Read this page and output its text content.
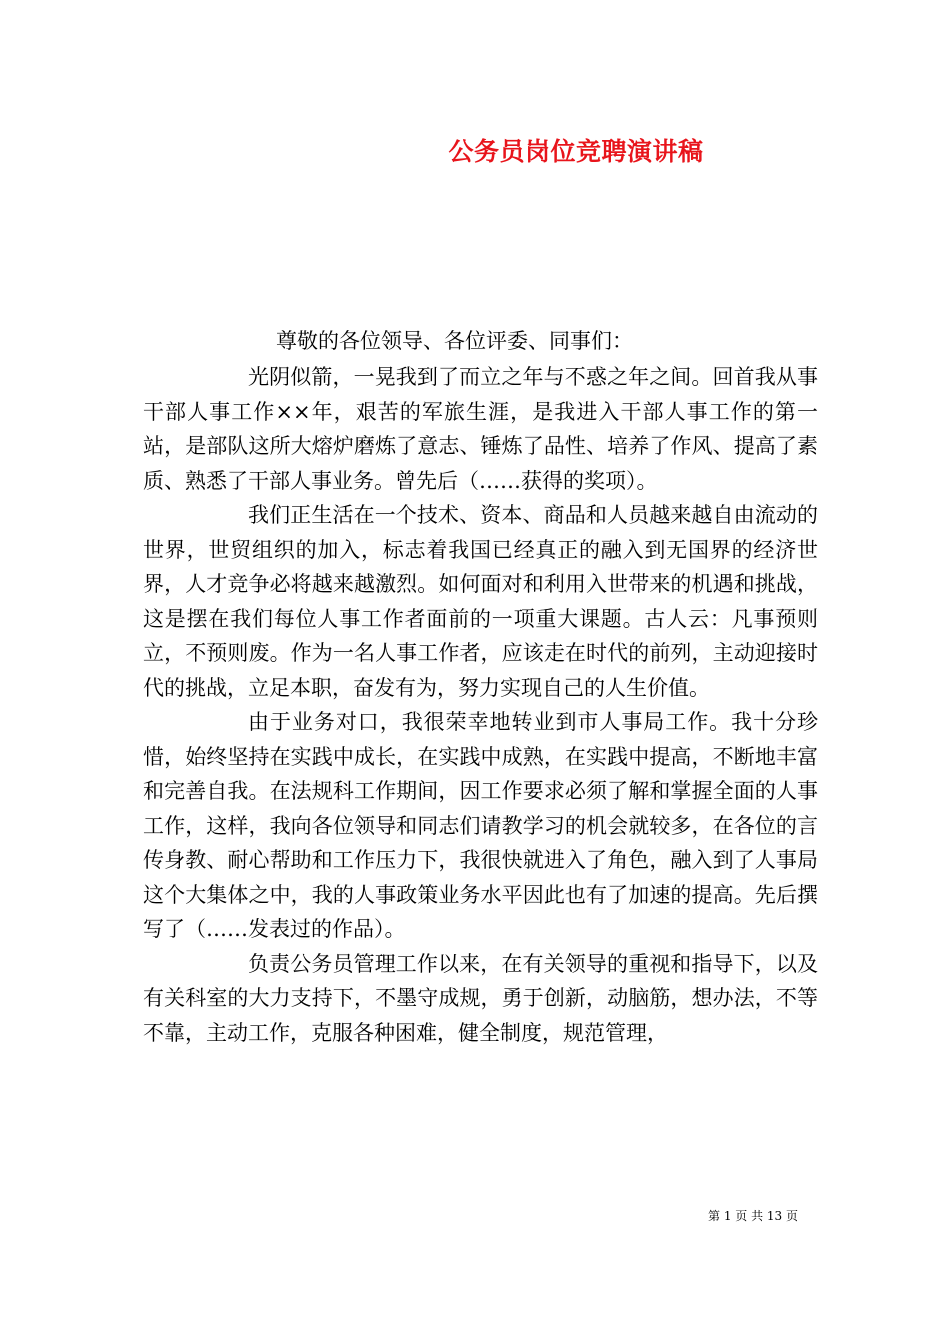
公务员岗位竞聘演讲稿

尊敬的各位领导、各位评委、同事们：

光阴似箭，一晃我到了而立之年与不惑之年之间。回首我从事干部人事工作××年，艰苦的军旅生涯，是我进入干部人事工作的第一站，是部队这所大熔炉磨炼了意志、锤炼了品性、培养了作风、提高了素质、熟悉了干部人事业务。曾先后（……获得的奖项）。

我们正生活在一个技术、资本、商品和人员越来越自由流动的世界，世贸组织的加入，标志着我国已经真正的融入到无国界的经济世界，人才竞争必将越来越激烈。如何面对和利用入世带来的机遇和挑战，这是摆在我们每位人事工作者面前的一项重大课题。古人云：凡事预则立，不预则废。作为一名人事工作者，应该走在时代的前列，主动迎接时代的挑战，立足本职，奋发有为，努力实现自己的人生价值。

由于业务对口，我很荣幸地转业到市人事局工作。我十分珍惜，始终坚持在实践中成长，在实践中成熟，在实践中提高，不断地丰富和完善自我。在法规科工作期间，因工作要求必须了解和掌握全面的人事工作，这样，我向各位领导和同志们请教学习的机会就较多，在各位的言传身教、耐心帮助和工作压力下，我很快就进入了角色，融入到了人事局这个大集体之中，我的人事政策业务水平因此也有了加速的提高。先后撰写了（……发表过的作品）。

负责公务员管理工作以来，在有关领导的重视和指导下，以及有关科室的大力支持下，不墨守成规，勇于创新，动脑筋，想办法，不等不靠，主动工作，克服各种困难，健全制度，规范管理，

第 1 页 共 13 页
